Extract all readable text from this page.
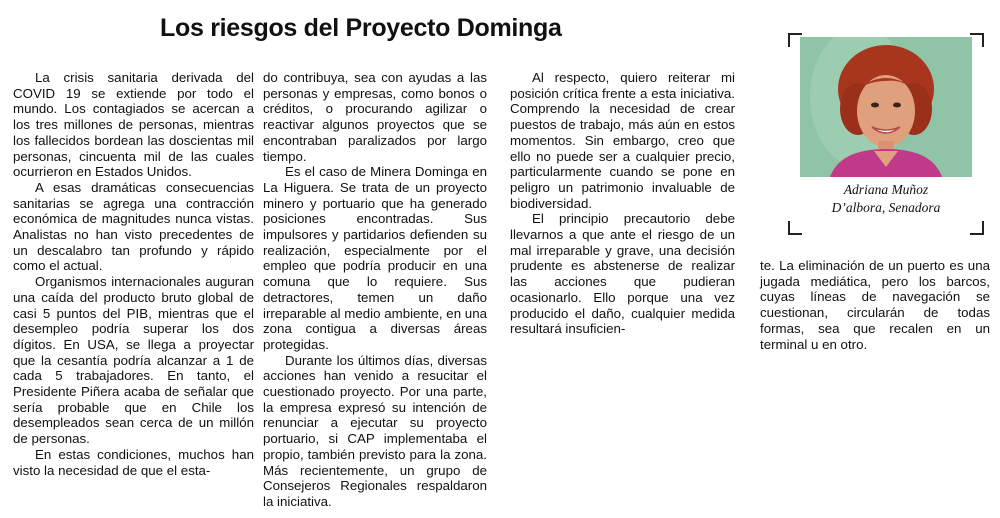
Los riesgos del Proyecto Dominga

La crisis sanitaria derivada del COVID 19 se extiende por todo el mundo. Los contagiados se acercan a los tres millones de personas, mientras los fallecidos bordean las doscientas mil personas, cincuenta mil de las cuales ocurrieron en Estados Unidos.

A esas dramáticas consecuencias sanitarias se agrega una contracción económica de magnitudes nunca vistas. Analistas no han visto precedentes de un descalabro tan profundo y rápido como el actual.

Organismos internacionales auguran una caída del producto bruto global de casi 5 puntos del PIB, mientras que el desempleo podría superar los dos dígitos. En USA, se llega a proyectar que la cesantía podría alcanzar a 1 de cada 5 trabajadores. En tanto, el Presidente Piñera acaba de señalar que sería probable que en Chile los desempleados sean cerca de un millón de personas.

En estas condiciones, muchos han visto la necesidad de que el esta-

do contribuya, sea con ayudas a las personas y empresas, como bonos o créditos, o procurando agilizar o reactivar algunos proyectos que se encontraban paralizados por largo tiempo.

Es el caso de Minera Dominga en La Higuera. Se trata de un proyecto minero y portuario que ha generado posiciones encontradas. Sus impulsores y partidarios defienden su realización, especialmente por el empleo que podría producir en una comuna que lo requiere. Sus detractores, temen un daño irreparable al medio ambiente, en una zona contigua a diversas áreas protegidas.

Durante los últimos días, diversas acciones han venido a resucitar el cuestionado proyecto. Por una parte, la empresa expresó su intención de renunciar a ejecutar su proyecto portuario, si CAP implementaba el propio, también previsto para la zona. Más recientemente, un grupo de Consejeros Regionales respaldaron la iniciativa.

Al respecto, quiero reiterar mi posición crítica frente a esta iniciativa. Comprendo la necesidad de crear puestos de trabajo, más aún en estos momentos. Sin embargo, creo que ello no puede ser a cualquier precio, particularmente cuando se pone en peligro un patrimonio invaluable de biodiversidad.

El principio precautorio debe llevarnos a que ante el riesgo de un mal irreparable y grave, una decisión prudente es abstenerse de realizar las acciones que pudieran ocasionarlo. Ello porque una vez producido el daño, cualquier medida resultará insuficien-

te. La eliminación de un puerto es una jugada mediática, pero los barcos, cuyas líneas de navegación se cuestionan, circularán de todas formas, sea que recalen en un terminal u en otro.

Adriana Muñoz
D’albora, Senadora
